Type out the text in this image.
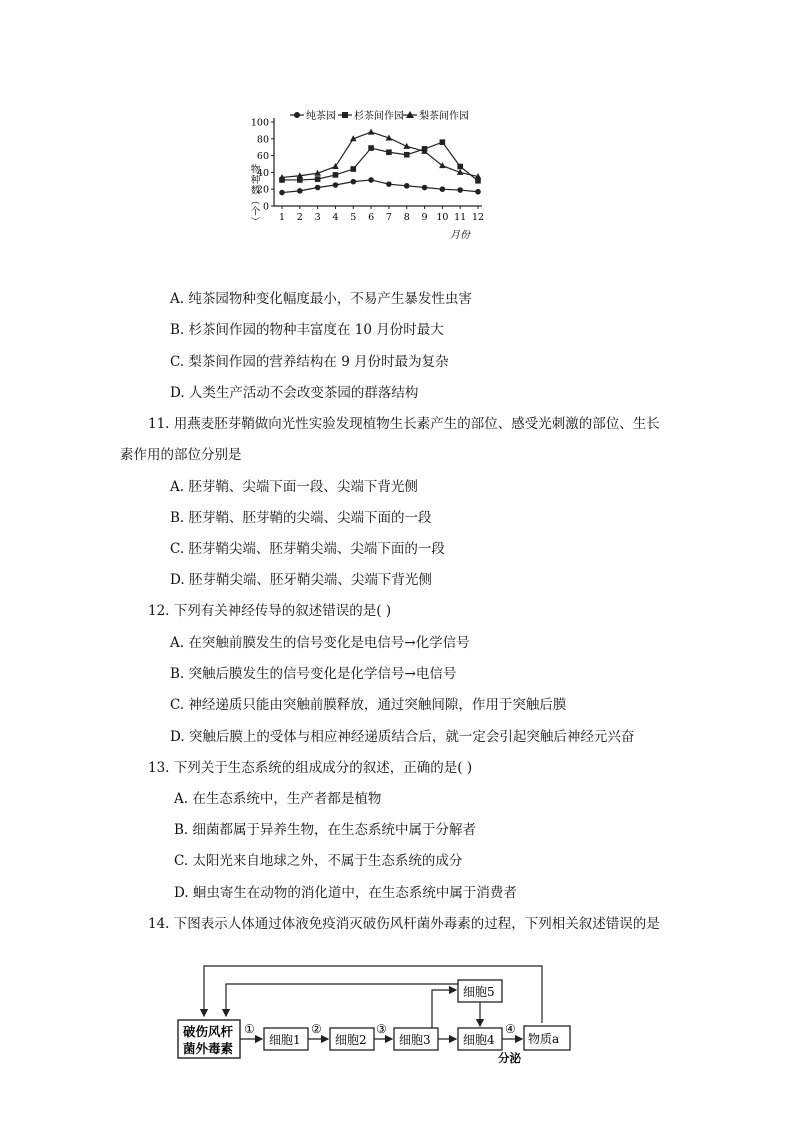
纯茶园 杉茶间作园 梨茶间作园
物种数（个） 0
20
40
60
80
100
1 2 3 4 5 6 7 8 9 10 11 12
月份
A. 纯茶园物种变化幅度最小，不易产生暴发性虫害
B. 杉茶间作园的物种丰富度在 10 月份时最大
C. 梨茶间作园的营养结构在 9 月份时最为复杂
D. 人类生产活动不会改变茶园的群落结构
11. 用燕麦胚芽鞘做向光性实验发现植物生长素产生的部位、感受光刺激的部位、生长
素作用的部位分别是
A. 胚芽鞘、尖端下面一段、尖端下背光侧
B. 胚芽鞘、胚芽鞘的尖端、尖端下面的一段
C. 胚芽鞘尖端、胚芽鞘尖端、尖端下面的一段
D. 胚芽鞘尖端、胚牙鞘尖端、尖端下背光侧
12. 下列有关神经传导的叙述错误的是( )
A. 在突触前膜发生的信号变化是电信号→化学信号
B. 突触后膜发生的信号变化是化学信号→电信号
C. 神经递质只能由突触前膜释放，通过突触间隙，作用于突触后膜
D. 突触后膜上的受体与相应神经递质结合后，就一定会引起突触后神经元兴奋
13. 下列关于生态系统的组成成分的叙述，正确的是( )
A. 在生态系统中，生产者都是植物
B. 细菌都属于异养生物，在生态系统中属于分解者
C. 太阳光来自地球之外，不属于生态系统的成分
D. 蛔虫寄生在动物的消化道中，在生态系统中属于消费者
14. 下图表示人体通过体液免疫消灭破伤风杆菌外毒素的过程，下列相关叙述错误的是
破伤风杆
菌外毒素
①
细胞1
②
细胞2
③
细胞3
细胞5
细胞4
④
分泌
物质a
